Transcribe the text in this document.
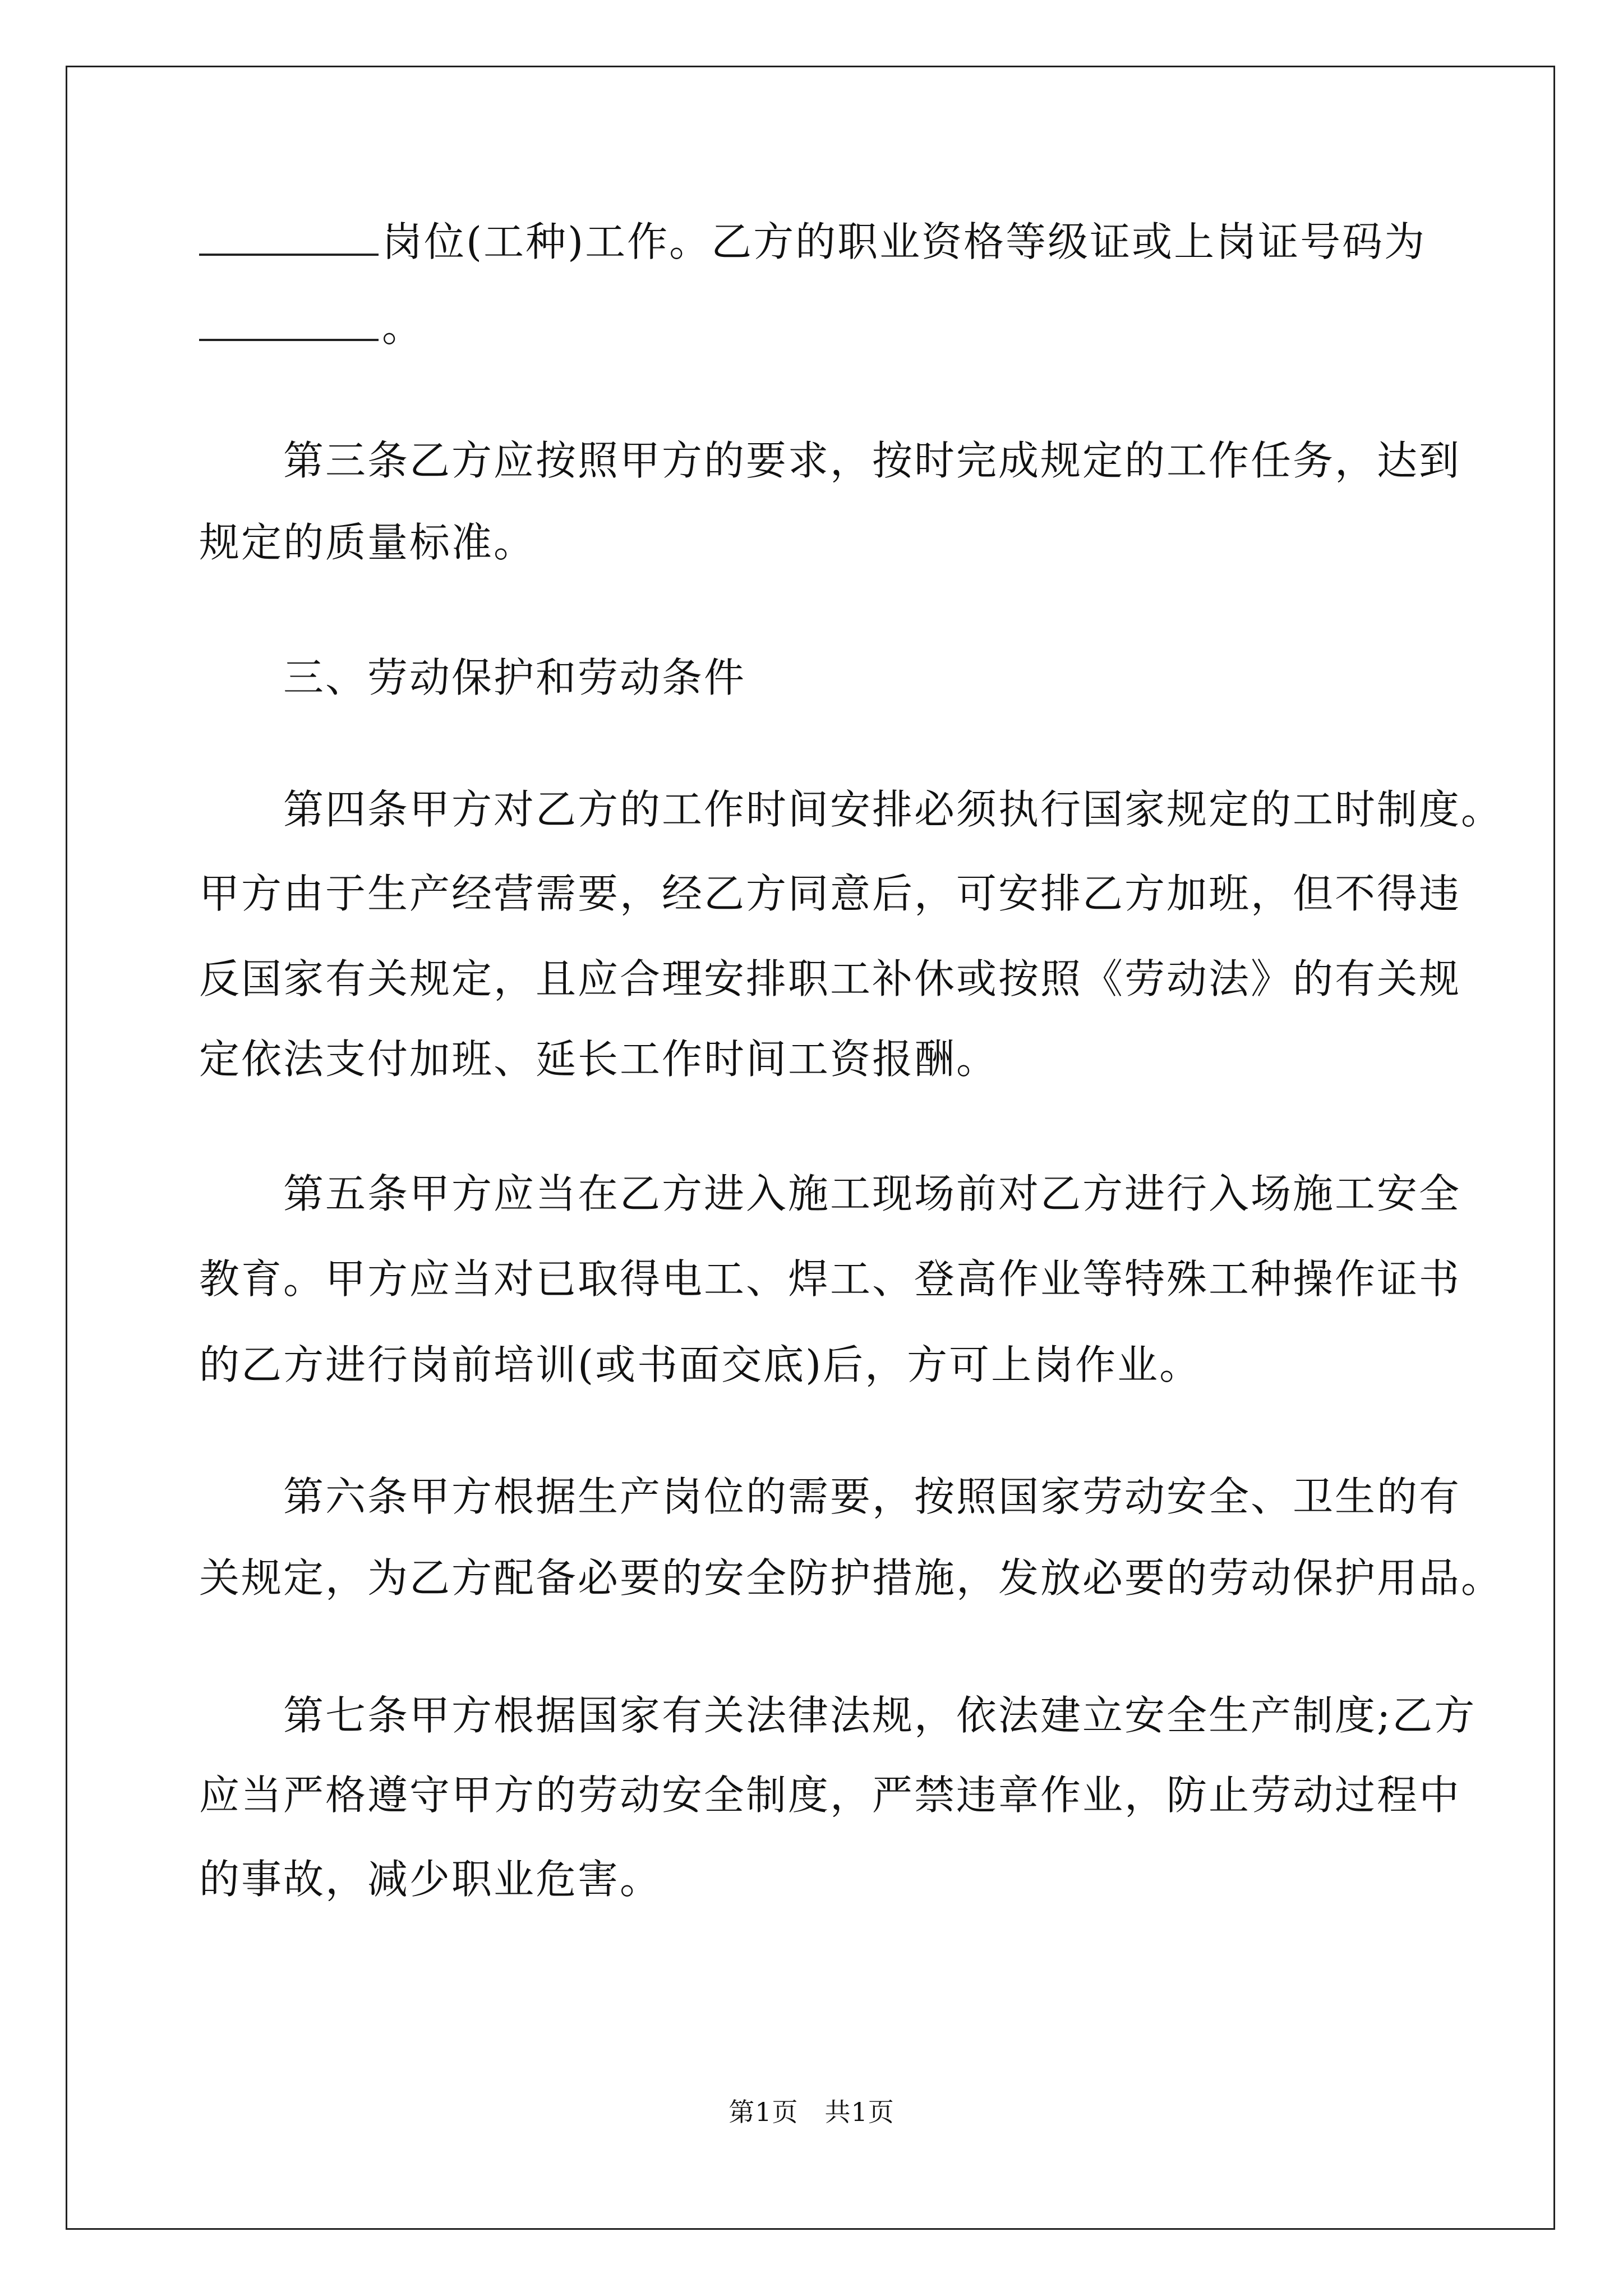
岗位(工种)工作。乙方的职业资格等级证或上岗证号码为
。
第三条乙方应按照甲方的要求，按时完成规定的工作任务，达到
规定的质量标准。
三、劳动保护和劳动条件
第四条甲方对乙方的工作时间安排必须执行国家规定的工时制度。
甲方由于生产经营需要，经乙方同意后，可安排乙方加班，但不得违
反国家有关规定，且应合理安排职工补休或按照《劳动法》的有关规
定依法支付加班、延长工作时间工资报酬。
第五条甲方应当在乙方进入施工现场前对乙方进行入场施工安全
教育。甲方应当对已取得电工、焊工、登高作业等特殊工种操作证书
的乙方进行岗前培训(或书面交底)后，方可上岗作业。
第六条甲方根据生产岗位的需要，按照国家劳动安全、卫生的有
关规定，为乙方配备必要的安全防护措施，发放必要的劳动保护用品。
第七条甲方根据国家有关法律法规，依法建立安全生产制度;乙方
应当严格遵守甲方的劳动安全制度，严禁违章作业，防止劳动过程中
的事故，减少职业危害。
第1页　共1页
